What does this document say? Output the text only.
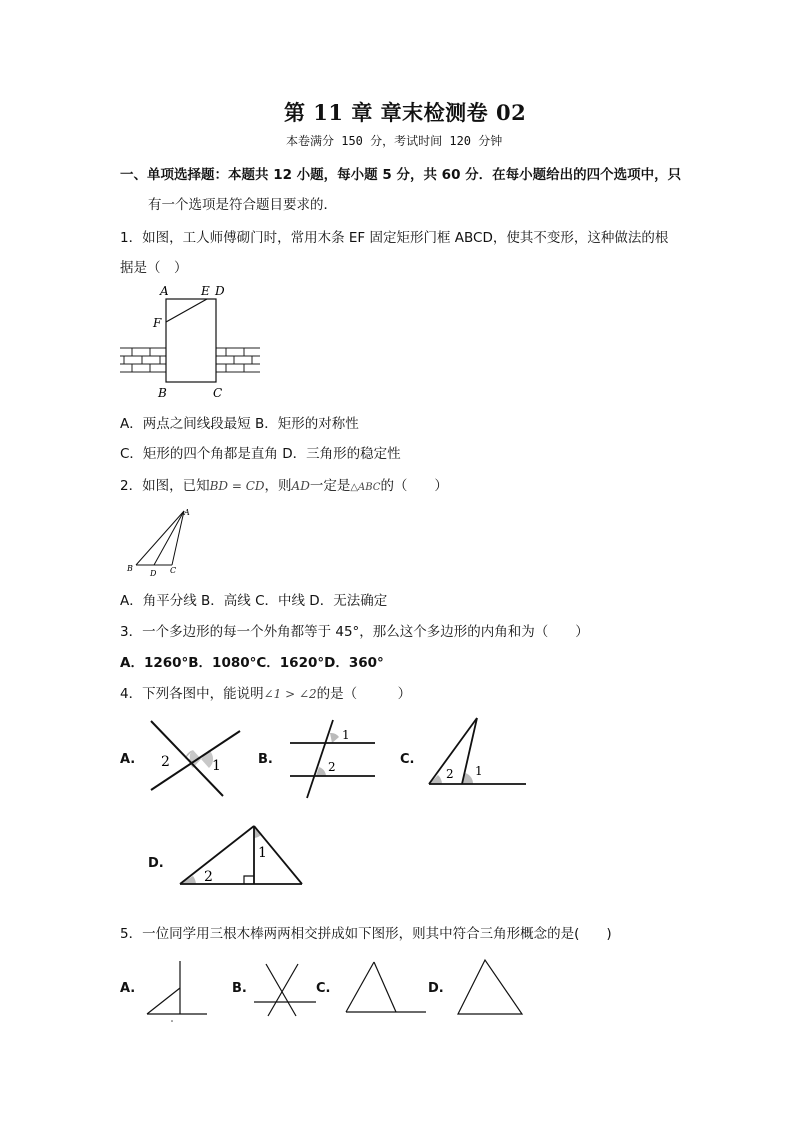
第 11 章 章末检测卷 02
本卷满分 150 分，考试时间 120 分钟
一、单项选择题：本题共 12 小题，每小题 5 分，共 60 分．在每小题给出的四个选项中，只
有一个选项是符合题目要求的．
1．如图，工人师傅砌门时，常用木条 EF 固定矩形门框 ABCD，使其不变形，这种做法的根
据是（　）
A	E D
F
B	C
A．两点之间线段最短 B．矩形的对称性
C．矩形的四个角都是直角 D．三角形的稳定性
2．如图，已知BD = CD，则AD一定是△ABC的（　　）
A
B
D C
A．角平分线 B．高线 C．中线 D．无法确定
3．一个多边形的每一个外角都等于 45°，那么这个多边形的内角和为（　　）
A．1260°B．1080°C．1620°D．360°
4．下列各图中，能说明∠1 > ∠2的是（　　　）
A. 2	1	B.
1
2	C.
2 1
D.
1
2
5．一位同学用三根木棒两两相交拼成如下图形，则其中符合三角形概念的是(　　)
A.	B.	C.	D.
